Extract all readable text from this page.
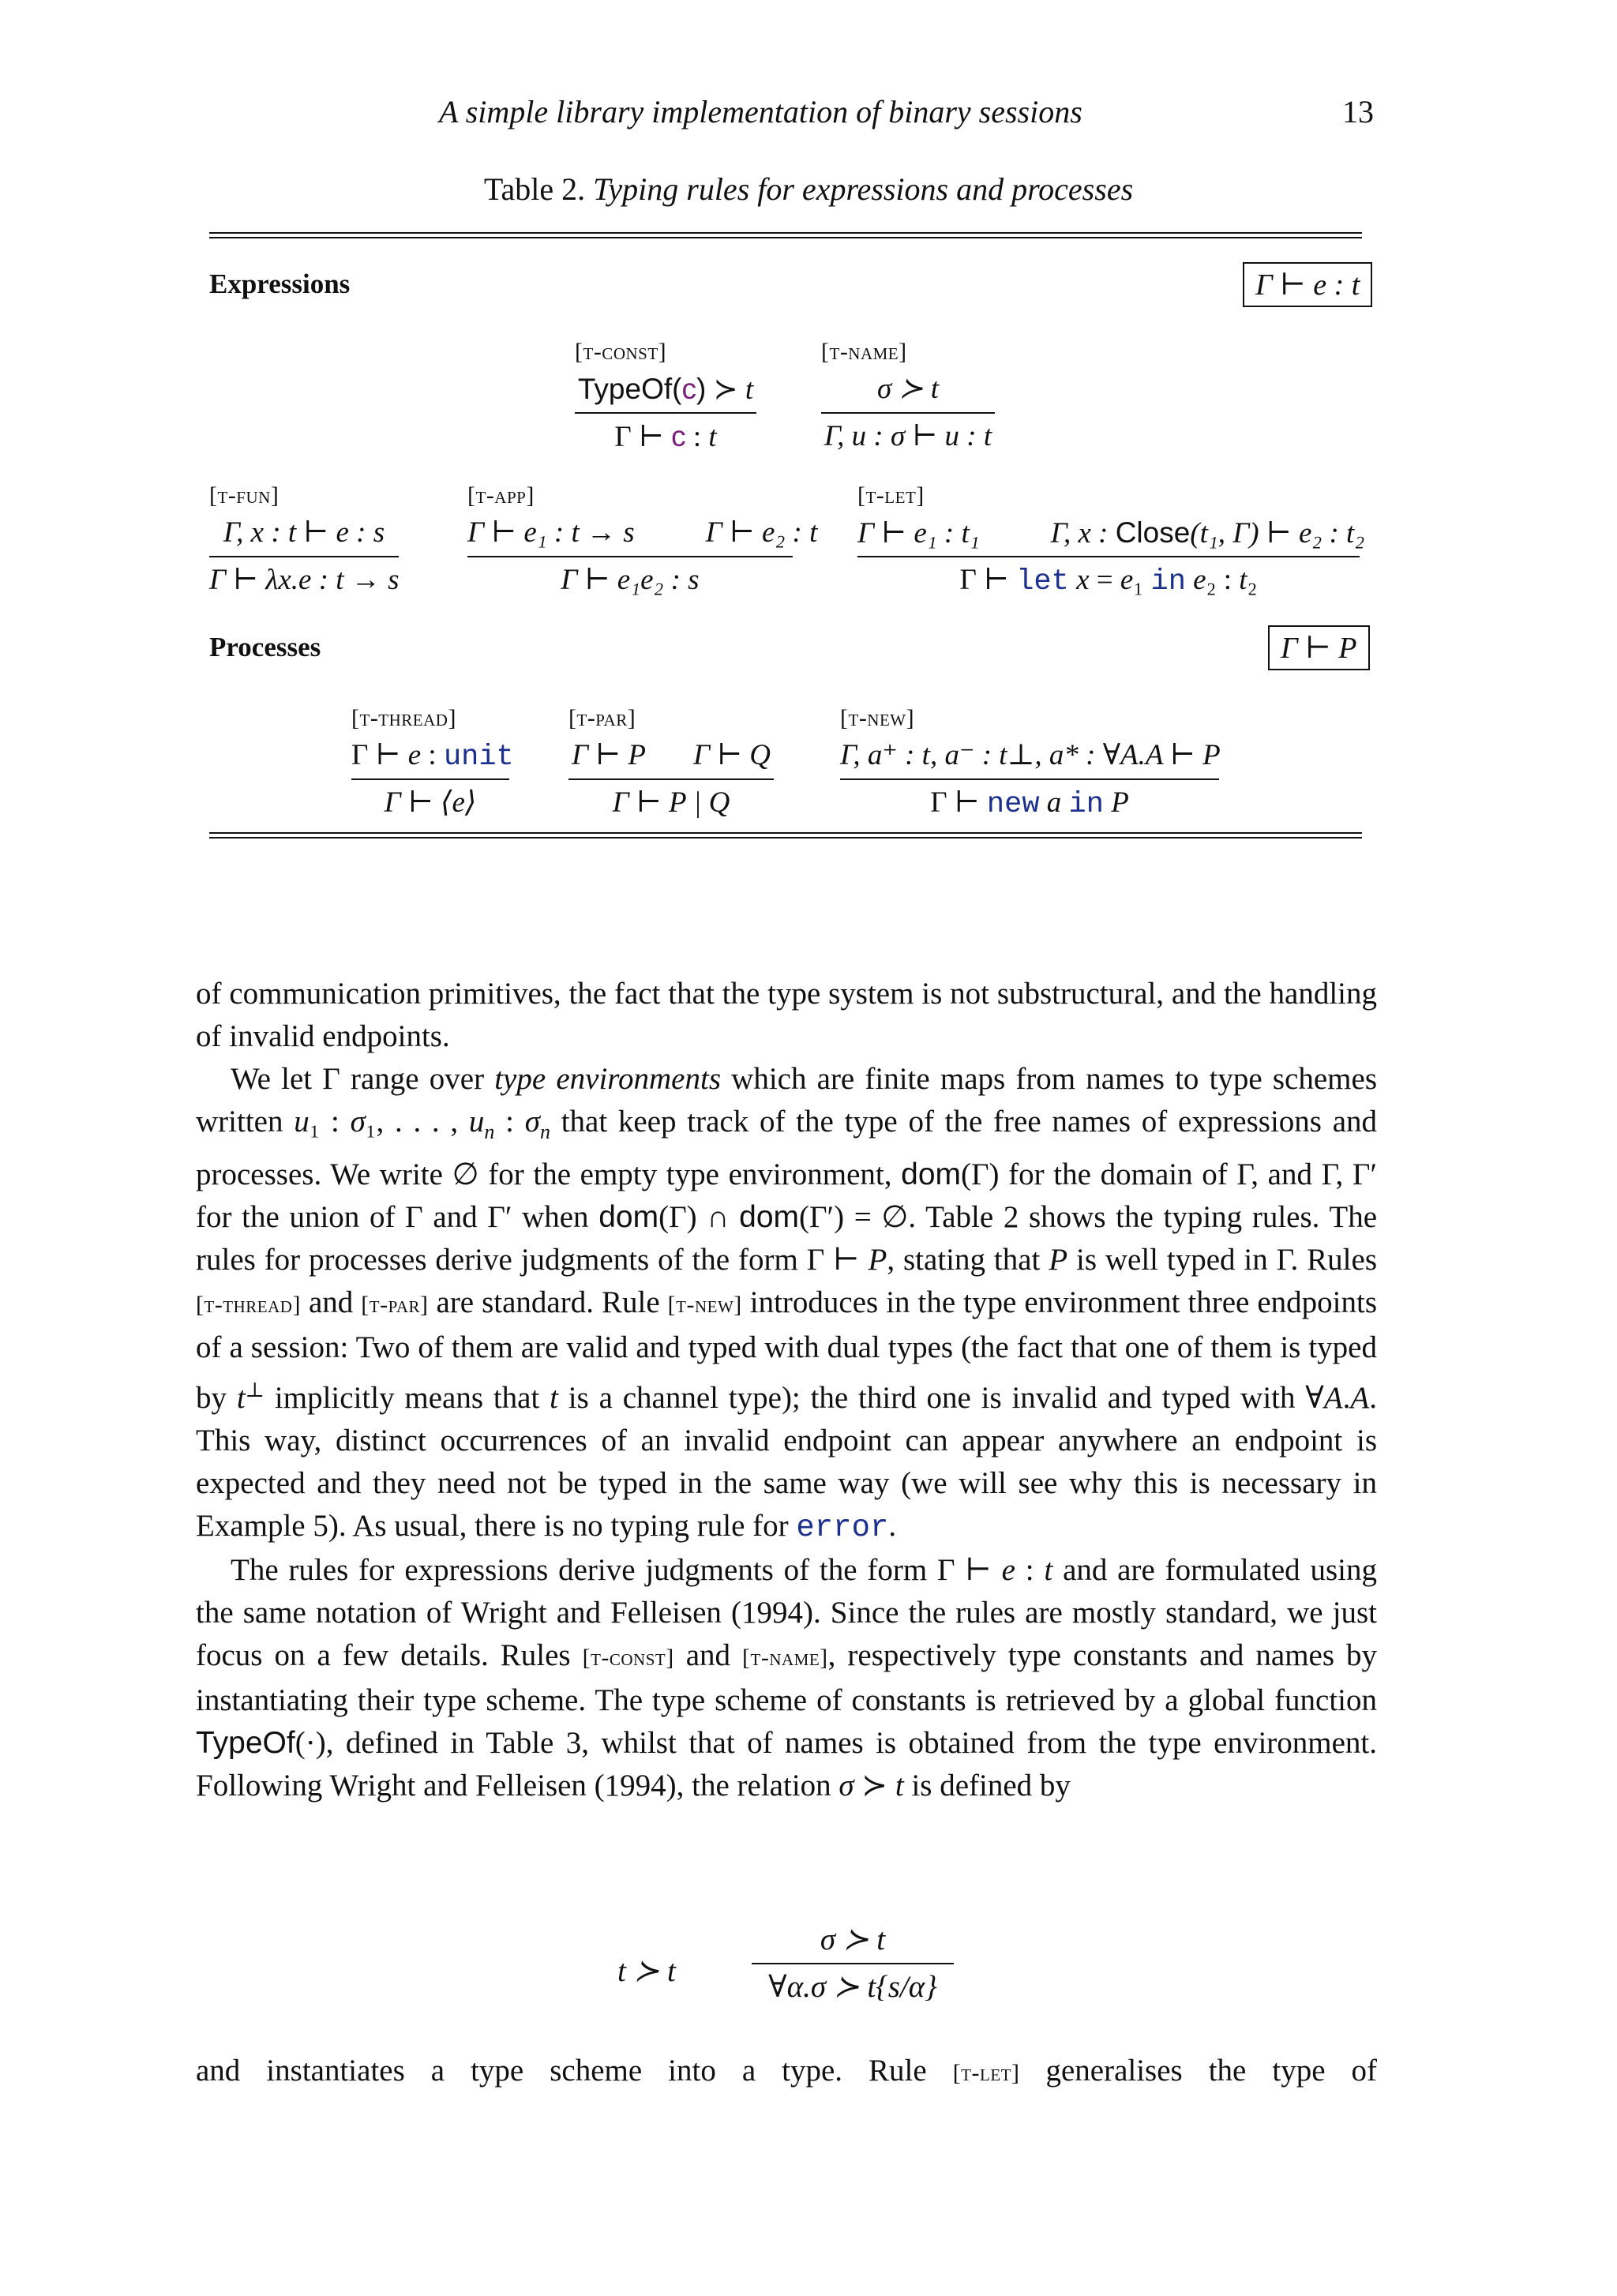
A simple library implementation of binary sessions	13
Table 2. Typing rules for expressions and processes
Expressions	Γ ⊢ e : t
[t-const]
TypeOf(c) ≻ t
Γ ⊢ c : t
[t-name]
σ ≻ t
Γ, u : σ ⊢ u : t
[t-fun]
Γ, x : t ⊢ e : s
Γ ⊢ λx.e : t → s
[t-app]
Γ ⊢ e₁ : t → s Γ ⊢ e₂ : t
Γ ⊢ e₁e₂ : s
[t-let]
Γ ⊢ e₁ : t₁ Γ, x : Close(t₁, Γ) ⊢ e₂ : t₂
Γ ⊢ let x = e₁ in e₂ : t₂
Processes	Γ ⊢ P
[t-thread]
Γ ⊢ e : unit
Γ ⊢ ⟨e⟩
[t-par]
Γ ⊢ P Γ ⊢ Q
Γ ⊢ P | Q
[t-new]
Γ, a⁺ : t, a⁻ : t⊥, a* : ∀A.A ⊢ P
Γ ⊢ new a in P

of communication primitives, the fact that the type system is not substructural, and the handling of invalid endpoints.

We let Γ range over type environments which are finite maps from names to type schemes written u₁ : σ₁, . . . , $u_n$ : $\sigma_n$ that keep track of the type of the free names of expressions and processes. We write ∅ for the empty type environment, dom(Γ) for the domain of Γ, and Γ, Γ′ for the union of Γ and Γ′ when dom(Γ) ∩ dom(Γ′) = ∅. Table 2 shows the typing rules. The rules for processes derive judgments of the form Γ ⊢ P, stating that P is well typed in Γ. Rules [t-thread] and [t-par] are standard. Rule [t-new] introduces in the type environment three endpoints of a session: Two of them are valid and typed with dual types (the fact that one of them is typed by t⊥ implicitly means that t is a channel type); the third one is invalid and typed with ∀A.A. This way, distinct occurrences of an invalid endpoint can appear anywhere an endpoint is expected and they need not be typed in the same way (we will see why this is necessary in Example 5). As usual, there is no typing rule for error.

The rules for expressions derive judgments of the form Γ ⊢ e : t and are formulated using the same notation of Wright and Felleisen (1994). Since the rules are mostly standard, we just focus on a few details. Rules [t-const] and [t-name], respectively type constants and names by instantiating their type scheme. The type scheme of constants is retrieved by a global function TypeOf(·), defined in Table 3, whilst that of names is obtained from the type environment. Following Wright and Felleisen (1994), the relation σ ≻ t is defined by

t ≻ t
σ ≻ t
∀α.σ ≻ t{s/α}

and instantiates a type scheme into a type. Rule [t-let] generalises the type of
